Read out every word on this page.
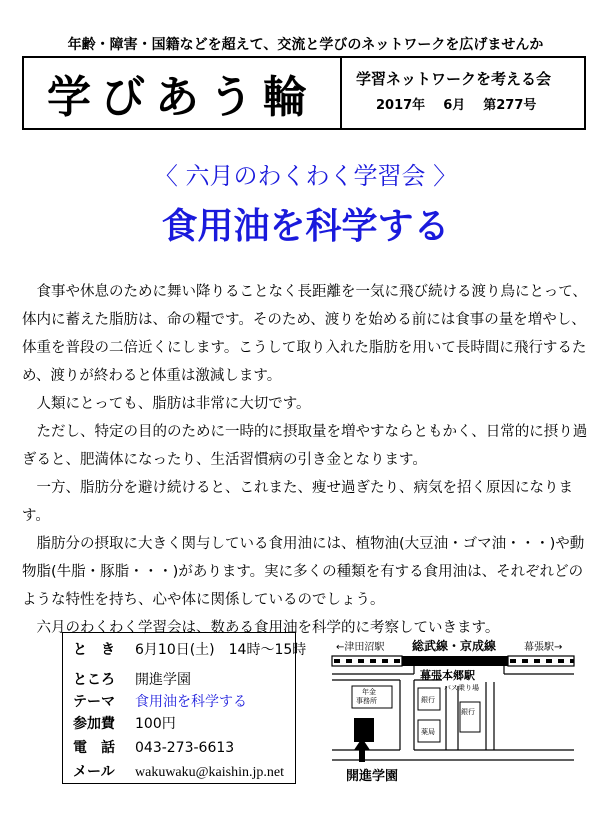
年齢・障害・国籍などを超えて、交流と学びのネットワークを広げませんか
学びあう輪	学習ネットワークを考える会
2017年 6月 第277号
〈 六月のわくわく学習会 〉
食用油を科学する

食事や休息のために舞い降りることなく長距離を一気に飛び続ける渡り鳥にとって、体内に蓄えた脂肪は、命の糧です。そのため、渡りを始める前には食事の量を増やし、体重を普段の二倍近くにします。こうして取り入れた脂肪を用いて長時間に飛行するため、渡りが終わると体重は激減します。

人類にとっても、脂肪は非常に大切です。

ただし、特定の目的のために一時的に摂取量を増やすならともかく、日常的に摂り過ぎると、肥満体になったり、生活習慣病の引き金となります。

一方、脂肪分を避け続けると、これまた、痩せ過ぎたり、病気を招く原因になります。

脂肪分の摂取に大きく関与している食用油には、植物油(大豆油・ゴマ油・・・)や動物脂(牛脂・豚脂・・・)があります。実に多くの種類を有する食用油は、それぞれどのような特性を持ち、心や体に関係しているのでしょう。

六月のわくわく学習会は、数ある食用油を科学的に考察していきます。

と　き 6月10日(土)　14時～15時
ところ 開進学園
テーマ 食用油を科学する
参加費 100円
電　話 043-273-6613
メール wakuwaku@kaishin.jp.net
←津田沼駅 総武線・京成線	幕張駅→
幕張本郷駅
年金
事務所	銀行
バス乗り場
銀行
薬局
開進学園
